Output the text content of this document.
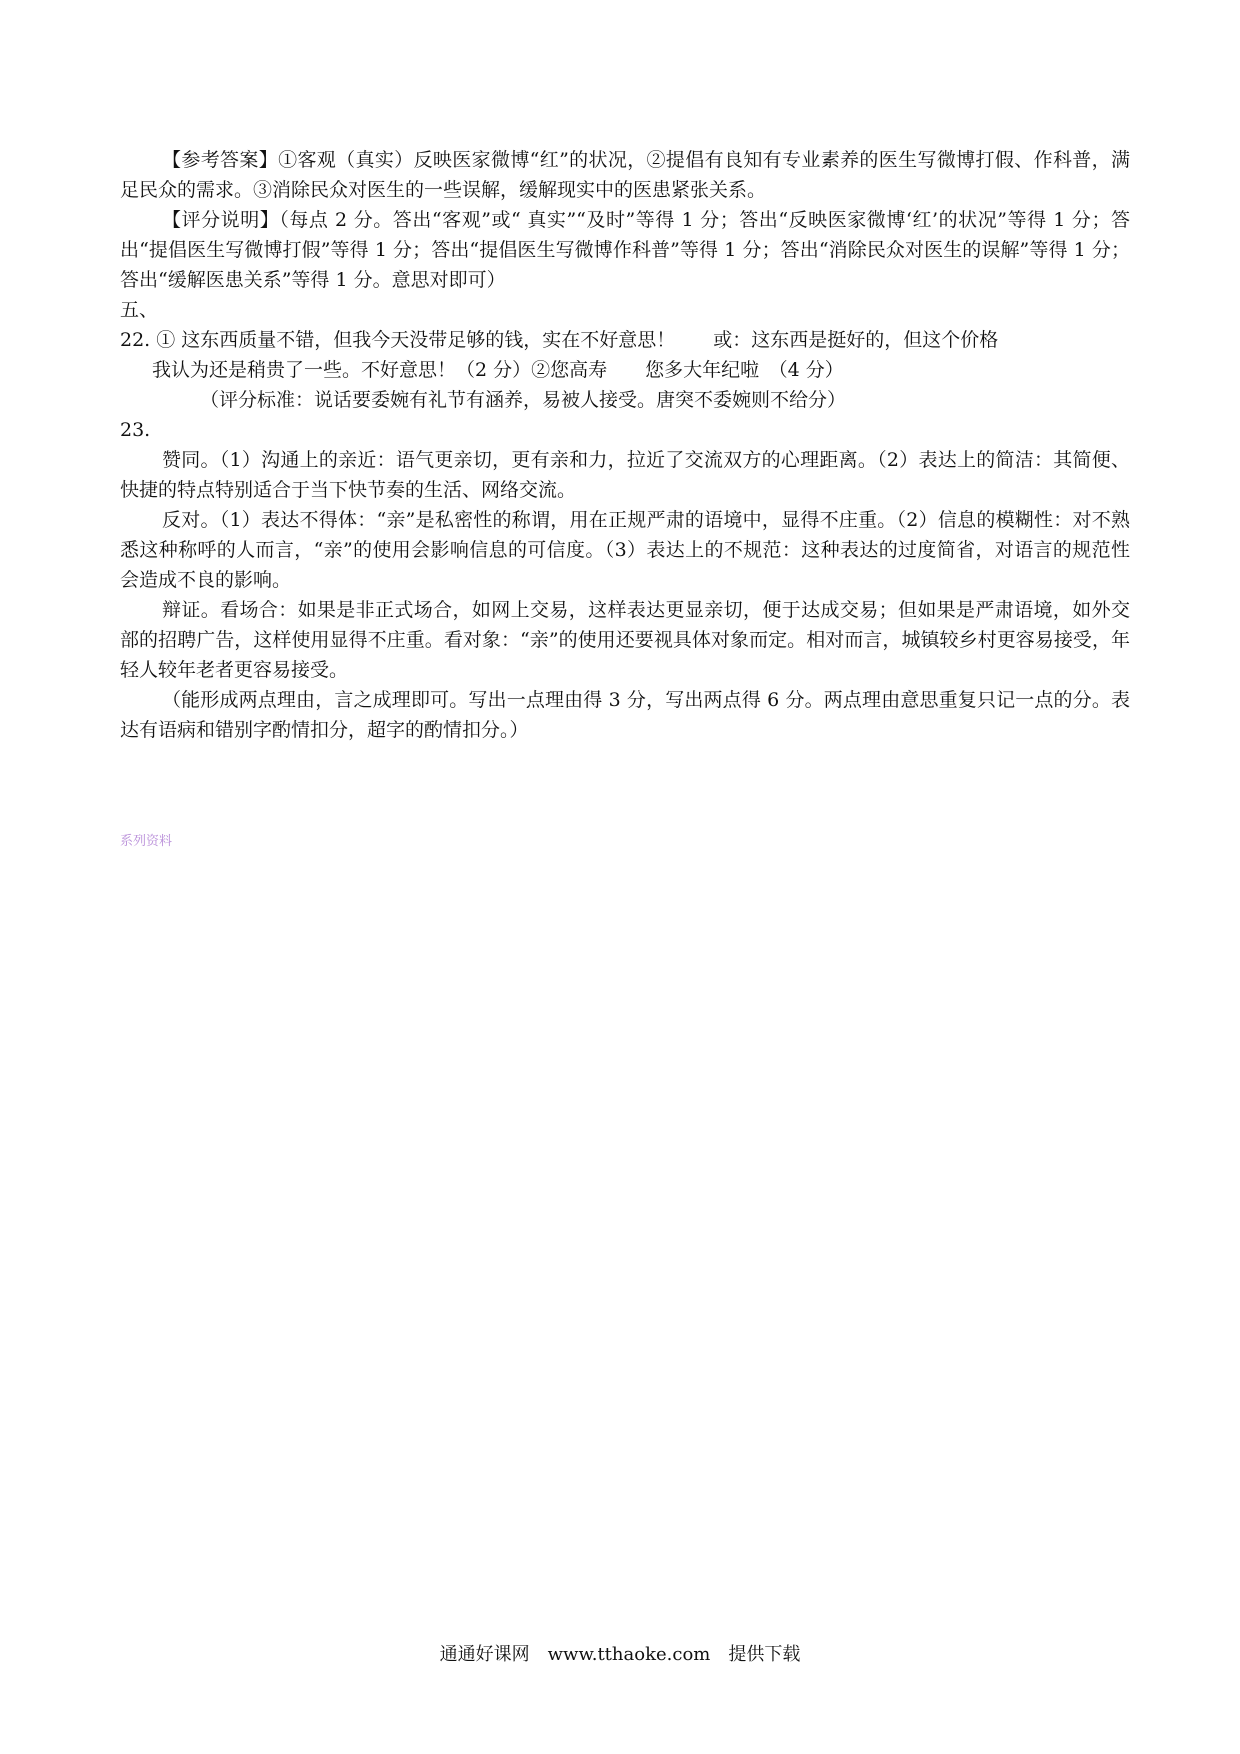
【参考答案】①客观（真实）反映医家微博“红”的状况，②提倡有良知有专业素养的医生写微博打假、作科普，满足民众的需求。③消除民众对医生的一些误解，缓解现实中的医患紧张关系。

【评分说明】（每点 2 分。答出“客观”或“ 真实”“及时”等得 1 分；答出“反映医家微博‘红’的状况”等得 1 分；答出“提倡医生写微博打假”等得 1 分；答出“提倡医生写微博作科普”等得 1 分；答出“消除民众对医生的误解”等得 1 分；答出“缓解医患关系”等得 1 分。意思对即可）

五、

22. ① 这东西质量不错，但我今天没带足够的钱，实在不好意思！　　或：这东西是挺好的，但这个价格

我认为还是稍贵了一些。不好意思！（2 分）②您高寿　　您多大年纪啦　（4 分）

（评分标准：说话要委婉有礼节有涵养，易被人接受。唐突不委婉则不给分）

23.

赞同。（1）沟通上的亲近：语气更亲切，更有亲和力，拉近了交流双方的心理距离。（2）表达上的简洁：其简便、快捷的特点特别适合于当下快节奏的生活、网络交流。

反对。（1）表达不得体：“亲”是私密性的称谓，用在正规严肃的语境中，显得不庄重。（2）信息的模糊性：对不熟悉这种称呼的人而言，“亲”的使用会影响信息的可信度。（3）表达上的不规范：这种表达的过度简省，对语言的规范性会造成不良的影响。

辩证。看场合：如果是非正式场合，如网上交易，这样表达更显亲切，便于达成交易；但如果是严肃语境，如外交部的招聘广告，这样使用显得不庄重。看对象：“亲”的使用还要视具体对象而定。相对而言，城镇较乡村更容易接受，年轻人较年老者更容易接受。

（能形成两点理由，言之成理即可。写出一点理由得 3 分，写出两点得 6 分。两点理由意思重复只记一点的分。表达有语病和错别字酌情扣分，超字的酌情扣分。）

系列资料
通通好课网　www.tthaoke.com　提供下载
